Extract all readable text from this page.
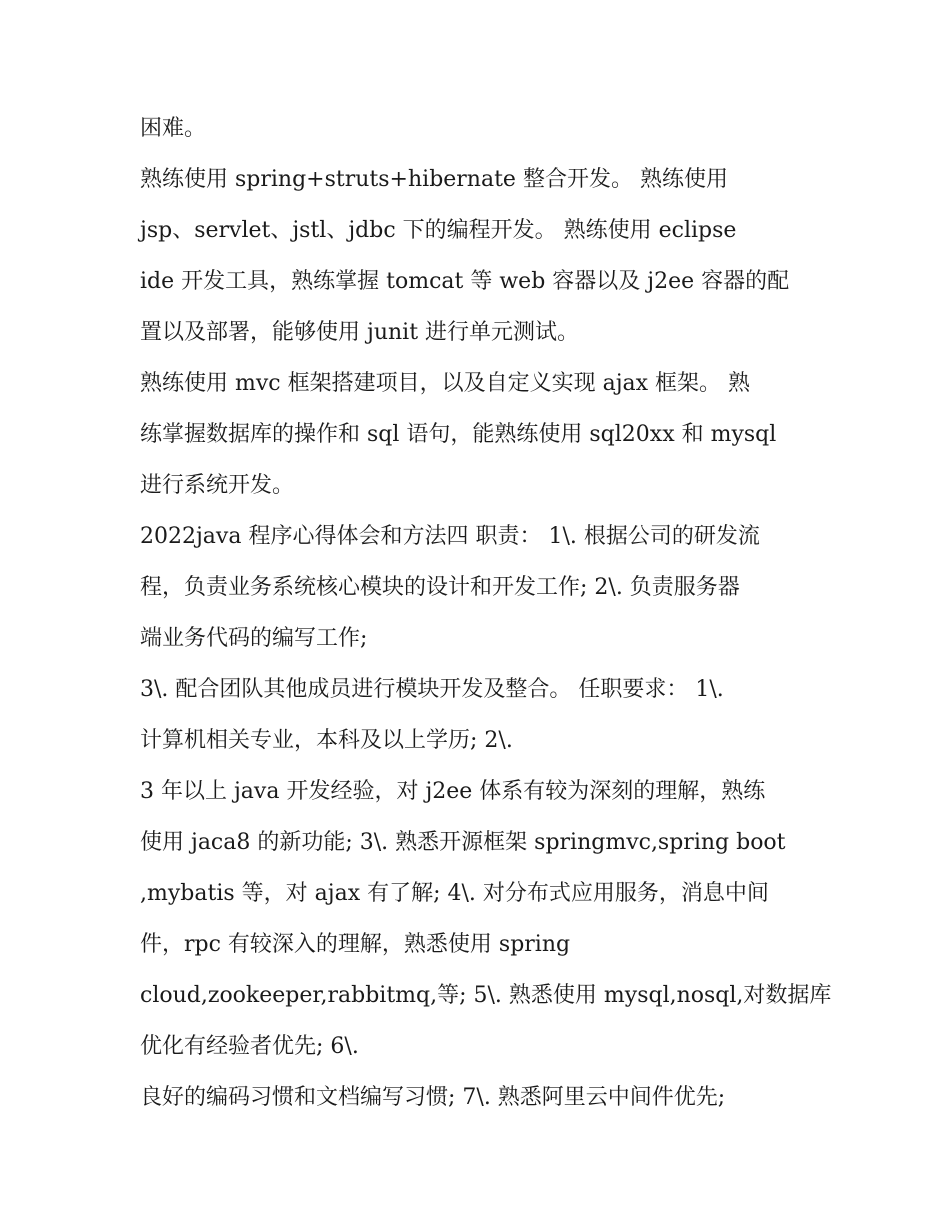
困难。
熟练使用 spring+struts+hibernate 整合开发。 熟练使用
jsp、servlet、jstl、jdbc 下的编程开发。 熟练使用 eclipse
ide 开发工具，熟练掌握 tomcat 等 web 容器以及 j2ee 容器的配
置以及部署，能够使用 junit 进行单元测试。
熟练使用 mvc 框架搭建项目，以及自定义实现 ajax 框架。 熟
练掌握数据库的操作和 sql 语句，能熟练使用 sql20xx 和 mysql
进行系统开发。
2022java 程序心得体会和方法四 职责： 1\. 根据公司的研发流
程，负责业务系统核心模块的设计和开发工作; 2\. 负责服务器
端业务代码的编写工作;
3\. 配合团队其他成员进行模块开发及整合。 任职要求： 1\.
计算机相关专业，本科及以上学历; 2\.
3 年以上 java 开发经验，对 j2ee 体系有较为深刻的理解，熟练
使用 jaca8 的新功能; 3\. 熟悉开源框架 springmvc,spring boot
,mybatis 等，对 ajax 有了解; 4\. 对分布式应用服务，消息中间
件，rpc 有较深入的理解，熟悉使用 spring
cloud,zookeeper,rabbitmq,等; 5\. 熟悉使用 mysql,nosql,对数据库
优化有经验者优先; 6\.
良好的编码习惯和文档编写习惯; 7\. 熟悉阿里云中间件优先;
